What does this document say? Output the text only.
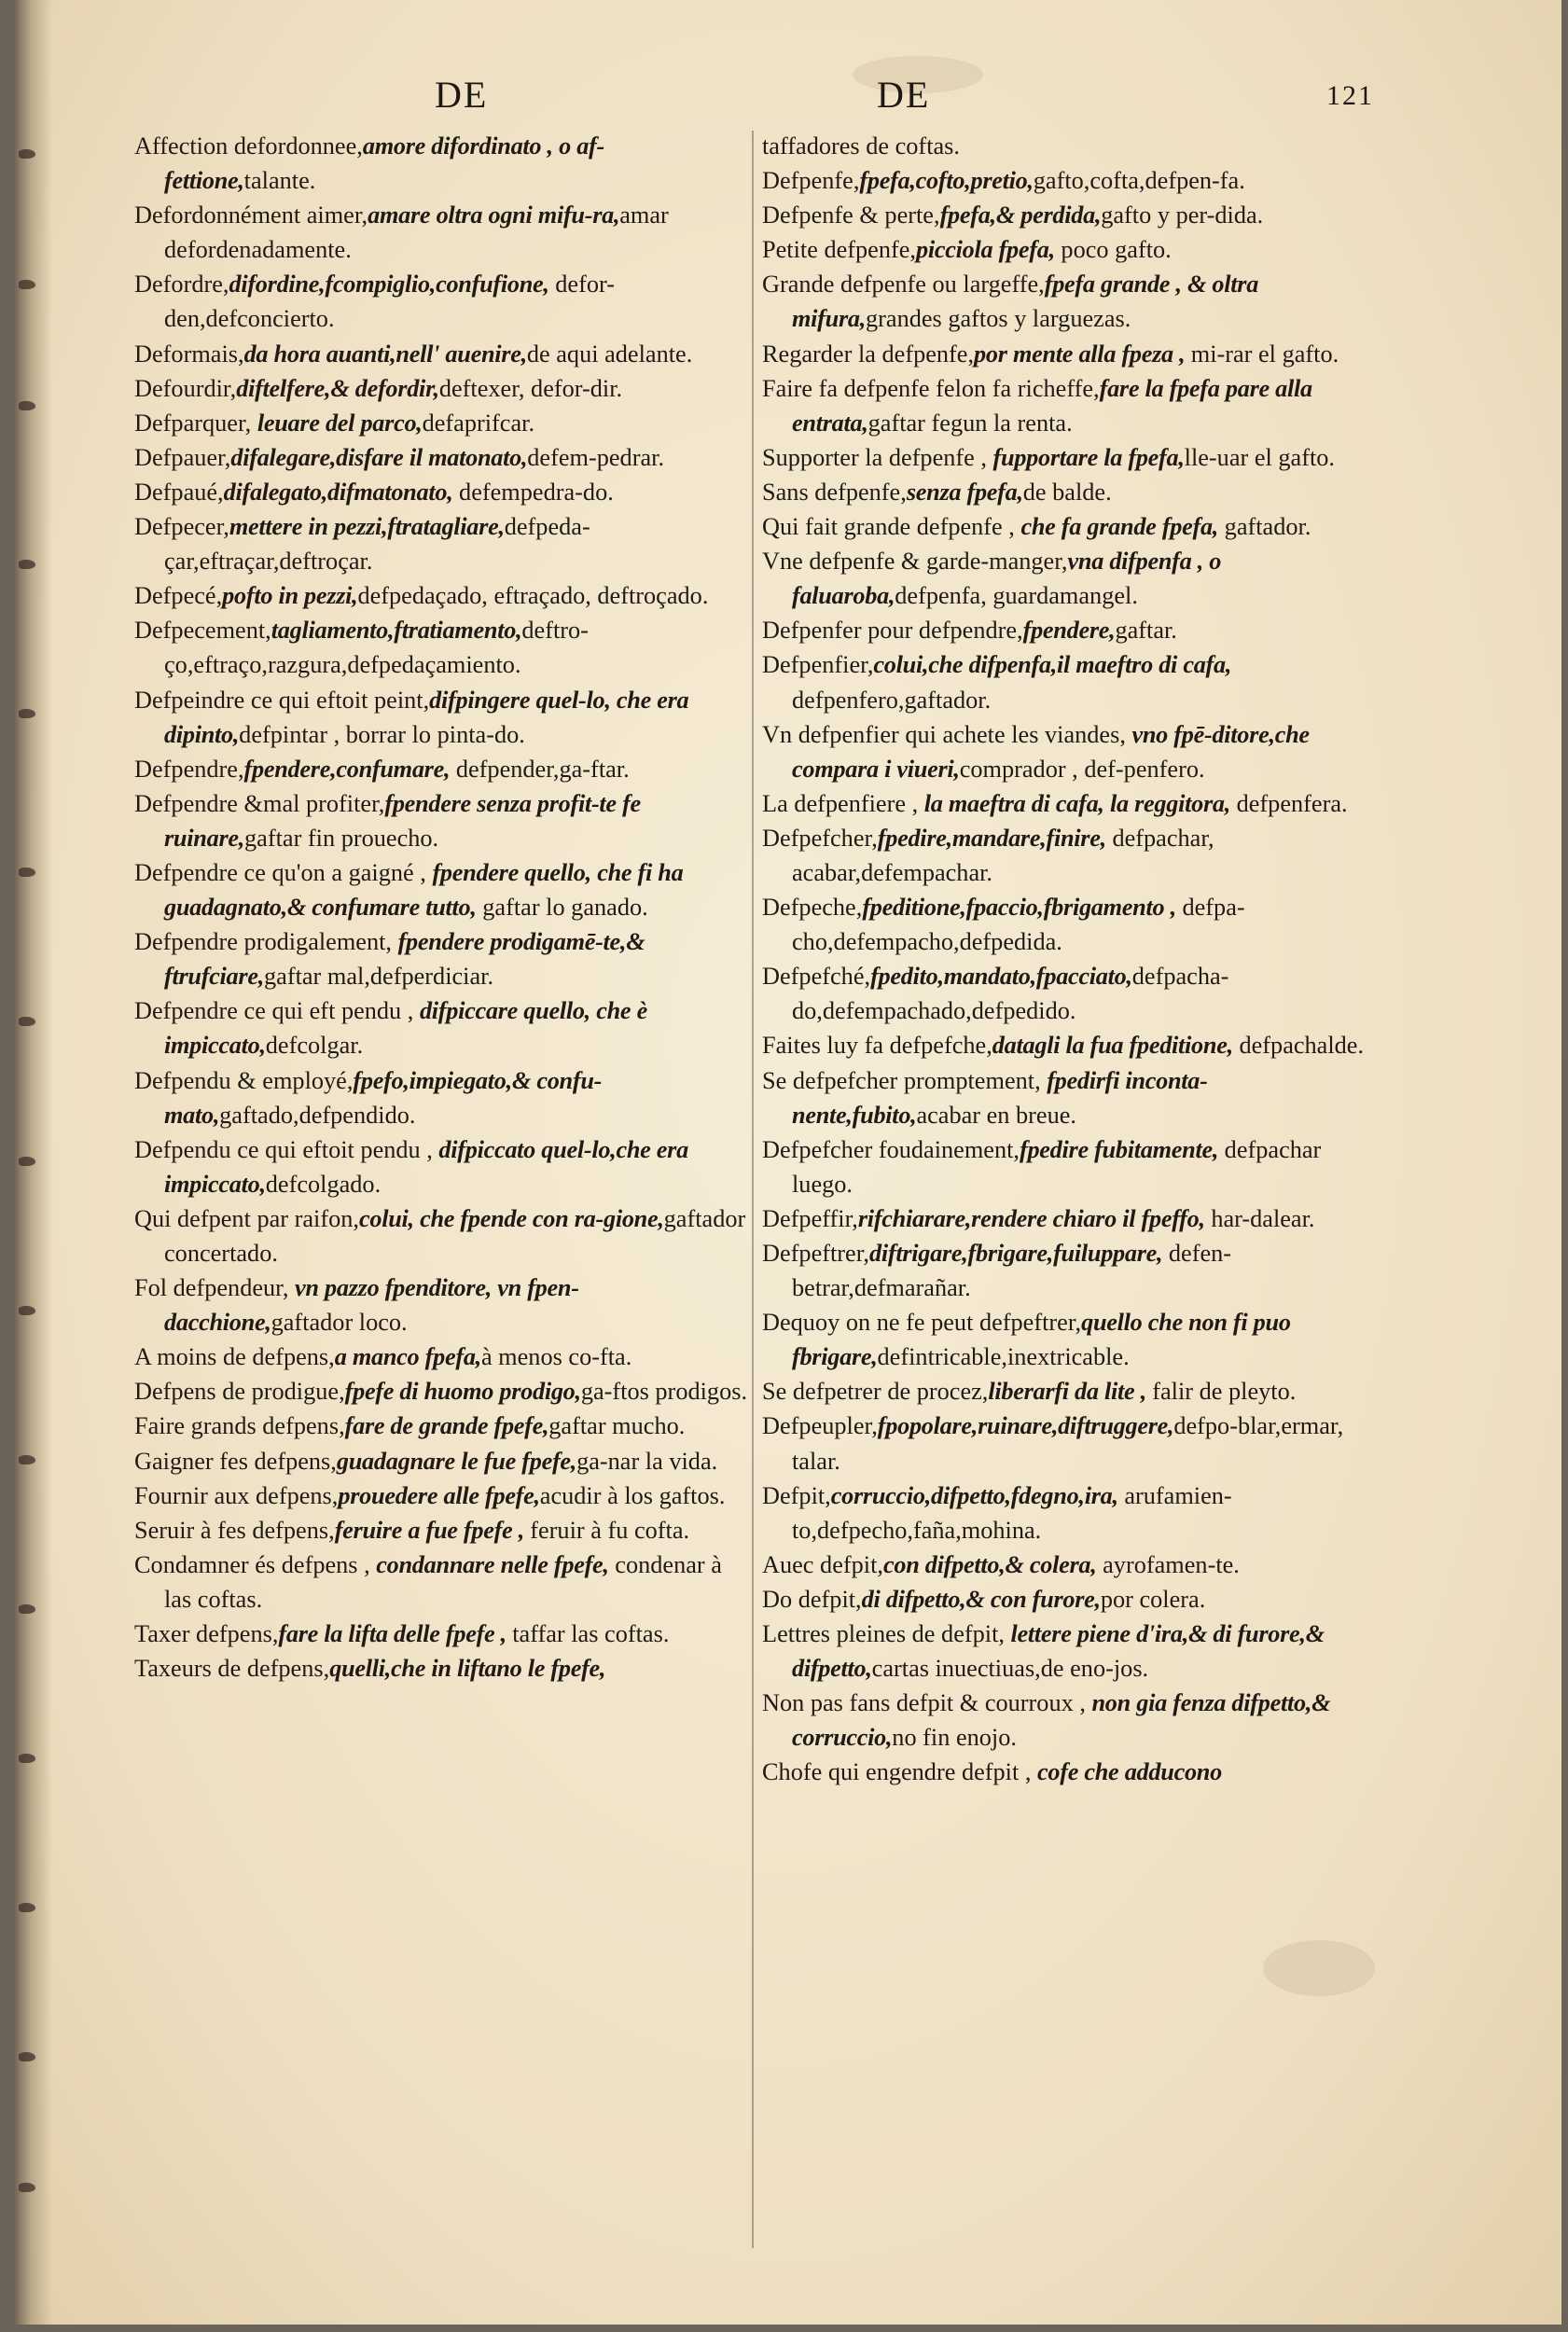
DE	DE	121

Affection defordonnee,amore difordinato , o af-fettione,talante.

Defordonnément aimer,amare oltra ogni mifu-ra,amar defordenadamente.

Defordre,difordine,fcompiglio,confufione, defor-den,defconcierto.

Deformais,da hora auanti,nell' auenire,de aqui adelante.

Defourdir,diftelfere,& defordir,deftexer, defor-dir.

Defparquer, leuare del parco,defaprifcar.

Defpauer,difalegare,disfare il matonato,defem-pedrar.

Defpaué,difalegato,difmatonato, defempedra-do.

Defpecer,mettere in pezzi,ftratagliare,defpeda-çar,eftraçar,deftroçar.

Defpecé,pofto in pezzi,defpedaçado, eftraçado, deftroçado.

Defpecement,tagliamento,ftratiamento,deftro-ço,eftraço,razgura,defpedaçamiento.

Defpeindre ce qui eftoit peint,difpingere quel-lo, che era dipinto,defpintar , borrar lo pinta-do.

Defpendre,fpendere,confumare, defpender,ga-ftar.

Defpendre &mal profiter,fpendere senza profit-te fe ruinare,gaftar fin prouecho.

Defpendre ce qu'on a gaigné , fpendere quello, che fi ha guadagnato,& confumare tutto, gaftar lo ganado.

Defpendre prodigalement, fpendere prodigamē-te,& ftrufciare,gaftar mal,defperdiciar.

Defpendre ce qui eft pendu , difpiccare quello, che è impiccato,defcolgar.

Defpendu & employé,fpefo,impiegato,& confu-mato,gaftado,defpendido.

Defpendu ce qui eftoit pendu , difpiccato quel-lo,che era impiccato,defcolgado.

Qui defpent par raifon,colui, che fpende con ra-gione,gaftador concertado.

Fol defpendeur, vn pazzo fpenditore, vn fpen-dacchione,gaftador loco.

A moins de defpens,a manco fpefa,à menos co-fta.

Defpens de prodigue,fpefe di huomo prodigo,ga-ftos prodigos.

Faire grands defpens,fare de grande fpefe,gaftar mucho.

Gaigner fes defpens,guadagnare le fue fpefe,ga-nar la vida.

Fournir aux defpens,prouedere alle fpefe,acudir à los gaftos.

Seruir à fes defpens,feruire a fue fpefe , feruir à fu cofta.

Condamner és defpens , condannare nelle fpefe, condenar à las coftas.

Taxer defpens,fare la lifta delle fpefe , taffar las coftas.

Taxeurs de defpens,quelli,che in liftano le fpefe,

taffadores de coftas.

Defpenfe,fpefa,cofto,pretio,gafto,cofta,defpen-fa.

Defpenfe & perte,fpefa,& perdida,gafto y per-dida.

Petite defpenfe,picciola fpefa, poco gafto.

Grande defpenfe ou largeffe,fpefa grande , & oltra mifura,grandes gaftos y larguezas.

Regarder la defpenfe,por mente alla fpeza , mi-rar el gafto.

Faire fa defpenfe felon fa richeffe,fare la fpefa pare alla entrata,gaftar fegun la renta.

Supporter la defpenfe , fupportare la fpefa,lle-uar el gafto.

Sans defpenfe,senza fpefa,de balde.

Qui fait grande defpenfe , che fa grande fpefa, gaftador.

Vne defpenfe & garde-manger,vna difpenfa , o faluaroba,defpenfa, guardamangel.

Defpenfer pour defpendre,fpendere,gaftar.

Defpenfier,colui,che difpenfa,il maeftro di cafa, defpenfero,gaftador.

Vn defpenfier qui achete les viandes, vno fpē-ditore,che compara i viueri,comprador , def-penfero.

La defpenfiere , la maeftra di cafa, la reggitora, defpenfera.

Defpefcher,fpedire,mandare,finire, defpachar, acabar,defempachar.

Defpeche,fpeditione,fpaccio,fbrigamento , defpa-cho,defempacho,defpedida.

Defpefché,fpedito,mandato,fpacciato,defpacha-do,defempachado,defpedido.

Faites luy fa defpefche,datagli la fua fpeditione, defpachalde.

Se defpefcher promptement, fpedirfi inconta-nente,fubito,acabar en breue.

Defpefcher foudainement,fpedire fubitamente, defpachar luego.

Defpeffir,rifchiarare,rendere chiaro il fpeffo, har-dalear.

Defpeftrer,diftrigare,fbrigare,fuiluppare, defen-betrar,defmarañar.

Dequoy on ne fe peut defpeftrer,quello che non fi puo fbrigare,defintricable,inextricable.

Se defpetrer de procez,liberarfi da lite , falir de pleyto.

Defpeupler,fpopolare,ruinare,diftruggere,defpo-blar,ermar, talar.

Defpit,corruccio,difpetto,fdegno,ira, arufamien-to,defpecho,faña,mohina.

Auec defpit,con difpetto,& colera, ayrofamen-te.

Do defpit,di difpetto,& con furore,por colera.

Lettres pleines de defpit, lettere piene d'ira,& di furore,& difpetto,cartas inuectiuas,de eno-jos.

Non pas fans defpit & courroux , non gia fenza difpetto,& corruccio,no fin enojo.

Chofe qui engendre defpit , cofe che adducono
